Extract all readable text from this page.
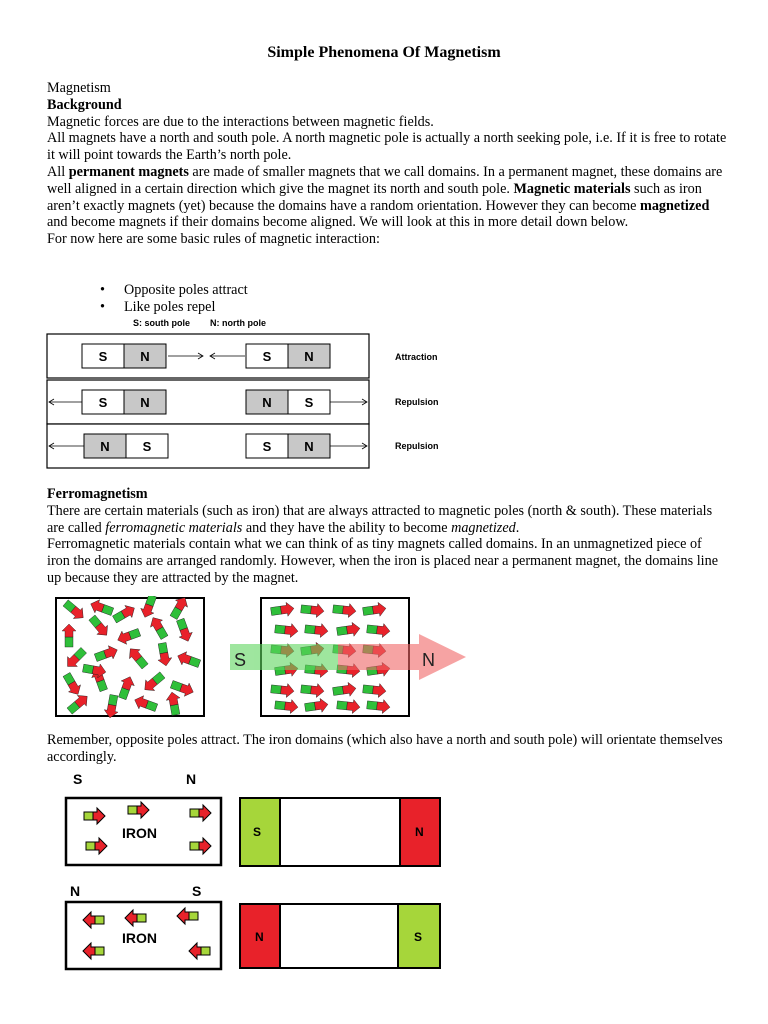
Simple Phenomena Of Magnetism
Magnetism
Background
Magnetic forces are due to the interactions between magnetic fields.
All magnets have a north and south pole. A north magnetic pole is actually a north seeking pole, i.e. If it is free to rotate it will point towards the Earth’s north pole.
All permanent magnets are made of smaller magnets that we call domains. In a permanent magnet, these domains are well aligned in a certain direction which give the magnet its north and south pole. Magnetic materials such as iron aren’t exactly magnets (yet) because the domains have a random orientation. However they can become magnetized and become magnets if their domains become aligned. We will look at this in more detail down below.
For now here are some basic rules of magnetic interaction:
• Opposite poles attract
• Like poles repel
S: south pole N: north pole
S	N	S	N	Attraction
S	N	N	S	Repulsion
N	S	S	N	Repulsion
Ferromagnetism
There are certain materials (such as iron) that are always attracted to magnetic poles (north & south). These materials are called ferromagnetic materials and they have the ability to become magnetized.
Ferromagnetic materials contain what we can think of as tiny magnets called domains. In an unmagnetized piece of iron the domains are arranged randomly. However, when the iron is placed near a permanent magnet, the domains line up because they are attracted by the magnet.
S	N
Remember, opposite poles attract. The iron domains (which also have a north and south pole) will orientate themselves accordingly.
S	N
IRON	S	N
N	S
IRON	N	S
